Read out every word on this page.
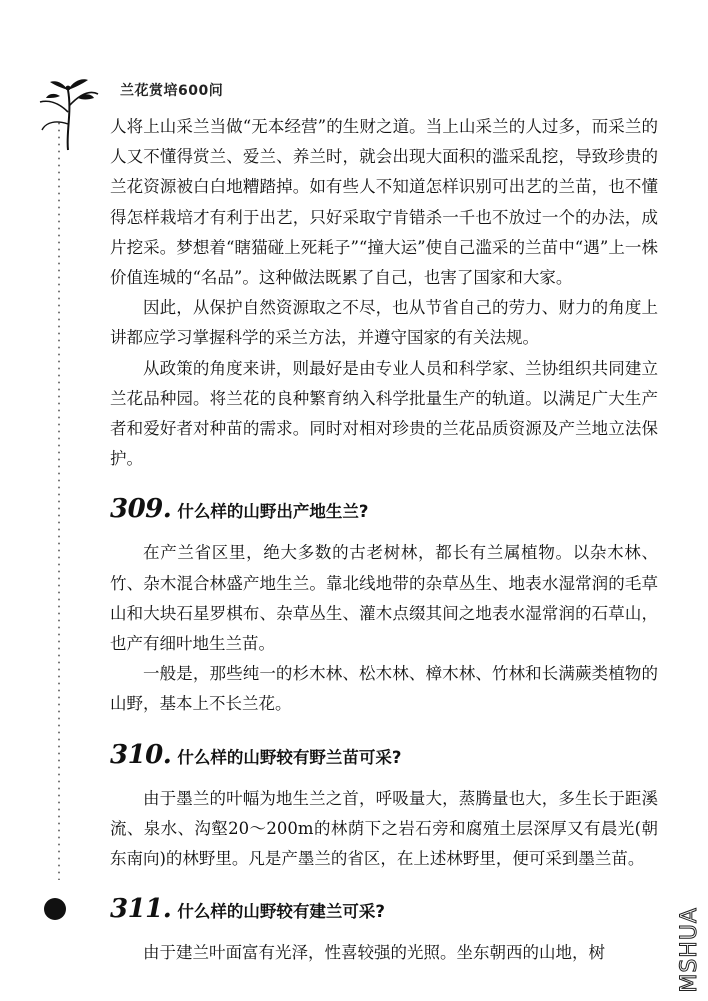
兰花赏培600问

人将上山采兰当做“无本经营”的生财之道。当上山采兰的人过多，而采兰的人又不懂得赏兰、爱兰、养兰时，就会出现大面积的滥采乱挖，导致珍贵的兰花资源被白白地糟踏掉。如有些人不知道怎样识别可出艺的兰苗，也不懂得怎样栽培才有利于出艺，只好采取宁肯错杀一千也不放过一个的办法，成片挖采。梦想着“瞎猫碰上死耗子”“撞大运”使自己滥采的兰苗中“遇”上一株价值连城的“名品”。这种做法既累了自己，也害了国家和大家。

因此，从保护自然资源取之不尽，也从节省自己的劳力、财力的角度上讲都应学习掌握科学的采兰方法，并遵守国家的有关法规。

从政策的角度来讲，则最好是由专业人员和科学家、兰协组织共同建立兰花品种园。将兰花的良种繁育纳入科学批量生产的轨道。以满足广大生产者和爱好者对种苗的需求。同时对相对珍贵的兰花品质资源及产兰地立法保护。

309. 什么样的山野出产地生兰?

在产兰省区里，绝大多数的古老树林，都长有兰属植物。以杂木林、竹、杂木混合林盛产地生兰。靠北线地带的杂草丛生、地表水湿常润的毛草山和大块石星罗棋布、杂草丛生、灌木点缀其间之地表水湿常润的石草山，也产有细叶地生兰苗。

一般是，那些纯一的杉木林、松木林、樟木林、竹林和长满蕨类植物的山野，基本上不长兰花。

310. 什么样的山野较有野兰苗可采?

由于墨兰的叶幅为地生兰之首，呼吸量大，蒸腾量也大，多生长于距溪流、泉水、沟壑20～200m的林荫下之岩石旁和腐殖土层深厚又有晨光(朝东南向)的林野里。凡是产墨兰的省区，在上述林野里，便可采到墨兰苗。

311. 什么样的山野较有建兰可采?

由于建兰叶面富有光泽，性喜较强的光照。坐东朝西的山地，树	MSHUA
